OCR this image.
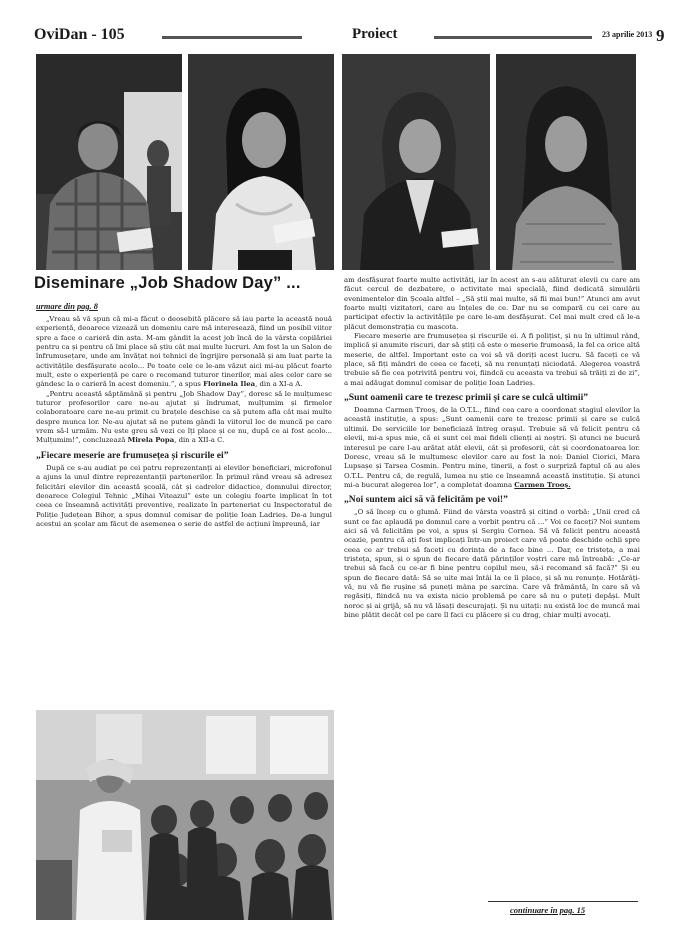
OviDan - 105	Proiect	23 aprilie 2013 9
Diseminare „Job Shadow Day” ...
urmare din pag. 8

„Vreau să vă spun că mi-a făcut o deosebită plăcere să iau parte la această nouă experiență, deoarece vizează un domeniu care mă interesează, fiind un posibil viitor spre a face o carieră din asta. M-am gândit la acest job încă de la vârsta copilăriei pentru ca și pentru că îmi place să știu cât mai multe lucruri. Am fost la un Salon de înfrumusețare, unde am învățat noi tehnici de îngrijire personală și am luat parte la activitățile desfășurate acolo... Pe toate cele ce le-am văzut aici mi-au plăcut foarte mult, este o experiență pe care o recomand tuturor tinerilor, mai ales celor care se gândesc la o carieră în acest domeniu.”, a spus Florinela Ilea, din a XI-a A.

„Pentru această săptămână și pentru „Job Shadow Day”, doresc să le mulțumesc tuturor profesorilor care ne-au ajutat și îndrumat, mulțumim și firmelor colaboratoare care ne-au primit cu brațele deschise ca să putem afla cât mai multe despre munca lor. Ne-au ajutat să ne putem gândi la viitorul loc de muncă pe care vrem să-l urmăm. Nu este greu să vezi ce îți place și ce nu, după ce ai fost acolo... Mulțumim!”, concluzează Mirela Popa, din a XII-a C.

„Fiecare meserie are frumusețea și riscurile ei”

După ce s-au audiat pe cei patru reprezentanți ai elevilor beneficiari, microfonul a ajuns la unul dintre reprezentanții partenerilor. În primul rând vreau să adresez felicitări elevilor din această școală, cât și cadrelor didactice, domnului director, deoarece Colegiul Tehnic „Mihai Viteazul” este un colegiu foarte implicat în tot ceea ce înseamnă activități preventive, realizate în parteneriat cu Inspectoratul de Poliție Județean Bihor, a spus domnul comisar de poliție Ioan Ladrieș. De-a lungul acestui an școlar am făcut de asemenea o serie de astfel de acțiuni împreună, iar

am desfășurat foarte multe activități, iar în acest an s-au alăturat elevii cu care am făcut cercul de dezbatere, o activitate mai specială, fiind dedicată simulării evenimentelor din Școala altfel – „Să știi mai multe, să fii mai bun!” Atunci am avut foarte mulți vizitatori, care au înțeles de ce. Dar nu se compară cu cei care au participat efectiv la activitățile pe care le-am desfășurat. Cel mai mult cred că le-a plăcut demonstrația cu mascota.

Fiecare meserie are frumusețea și riscurile ei. A fi polițist, și nu în ultimul rând, implică și anumite riscuri, dar să știți că este o meserie frumoasă, la fel ca orice altă meserie, de altfel. Important este ca voi să vă doriți acest lucru. Să faceți ce vă place, să fiți mândri de ceea ce faceți, să nu renunțați niciodată. Alegerea voastră trebuie să fie cea potrivită pentru voi, fiindcă cu aceasta va trebui să trăiți zi de zi”, a mai adăugat domnul comisar de poliție Ioan Ladrieș.

„Sunt oamenii care te trezesc primii și care se culcă ultimii”

Doamna Carmen Trooș, de la O.T.L., fiind cea care a coordonat stagiul elevilor la această instituție, a spus: „Sunt oamenii care te trezesc primii și care se culcă ultimii. De serviciile lor beneficiază întreg orașul. Trebuie să vă felicit pentru că elevii, mi-a spus mie, că ei sunt cei mai fideli clienți ai noștri. Și atunci ne bucură interesul pe care l-au arătat atât elevii, cât și profesorii, cât și coordonatoarea lor. Doresc, vreau să le mulțumesc elevilor care au fost la noi: Daniel Ciorici, Mara Lupsașe și Tarsea Cosmin. Pentru mine, tinerii, a fost o surpriză faptul că au ales O.T.L. Pentru că, de regulă, lumea nu știe ce înseamnă această instituție. Și atunci mi-a bucurat alegerea lor”, a completat doamna Carmen Trooș.

„Noi suntem aici să vă felicităm pe voi!”

„O să încep cu o glumă. Fiind de vârsta voastră și citind o vorbă: „Unii cred că sunt ce fac aplaudă pe domnul care a vorbit pentru că ...” Voi ce faceți? Noi suntem aici să vă felicităm pe voi, a spus și Sergiu Cornea. Să vă felicit pentru această ocazie, pentru că ați fost implicați într-un proiect care vă poate deschide ochii spre ceea ce ar trebui să faceți cu dorința de a face bine ... Dar, ce tristeța, a mai tristeța, spun, și o spun de fiecare dată părinților voștri care mă întreabă: „Ce-ar trebui să facă cu ce-ar fi bine pentru copilul meu, să-i recomand să facă?” Și eu spun de fiecare dată: Să se uite mai întâi la ce îi place, și să nu renunțe. Hotărâți-vă, nu vă fie rușine să puneți mâna pe sarcina. Care vă frământă, în care să vă regăsiți, fiindcă nu va exista nicio problemă pe care să nu o puteți depăși. Mult noroc și ai grijă, să nu vă lăsați descurajați. Și nu uitați: nu există loc de muncă mai bine plătit decât cel pe care îl faci cu plăcere și cu drag, chiar mulți avocați.

continuare în pag. 15
